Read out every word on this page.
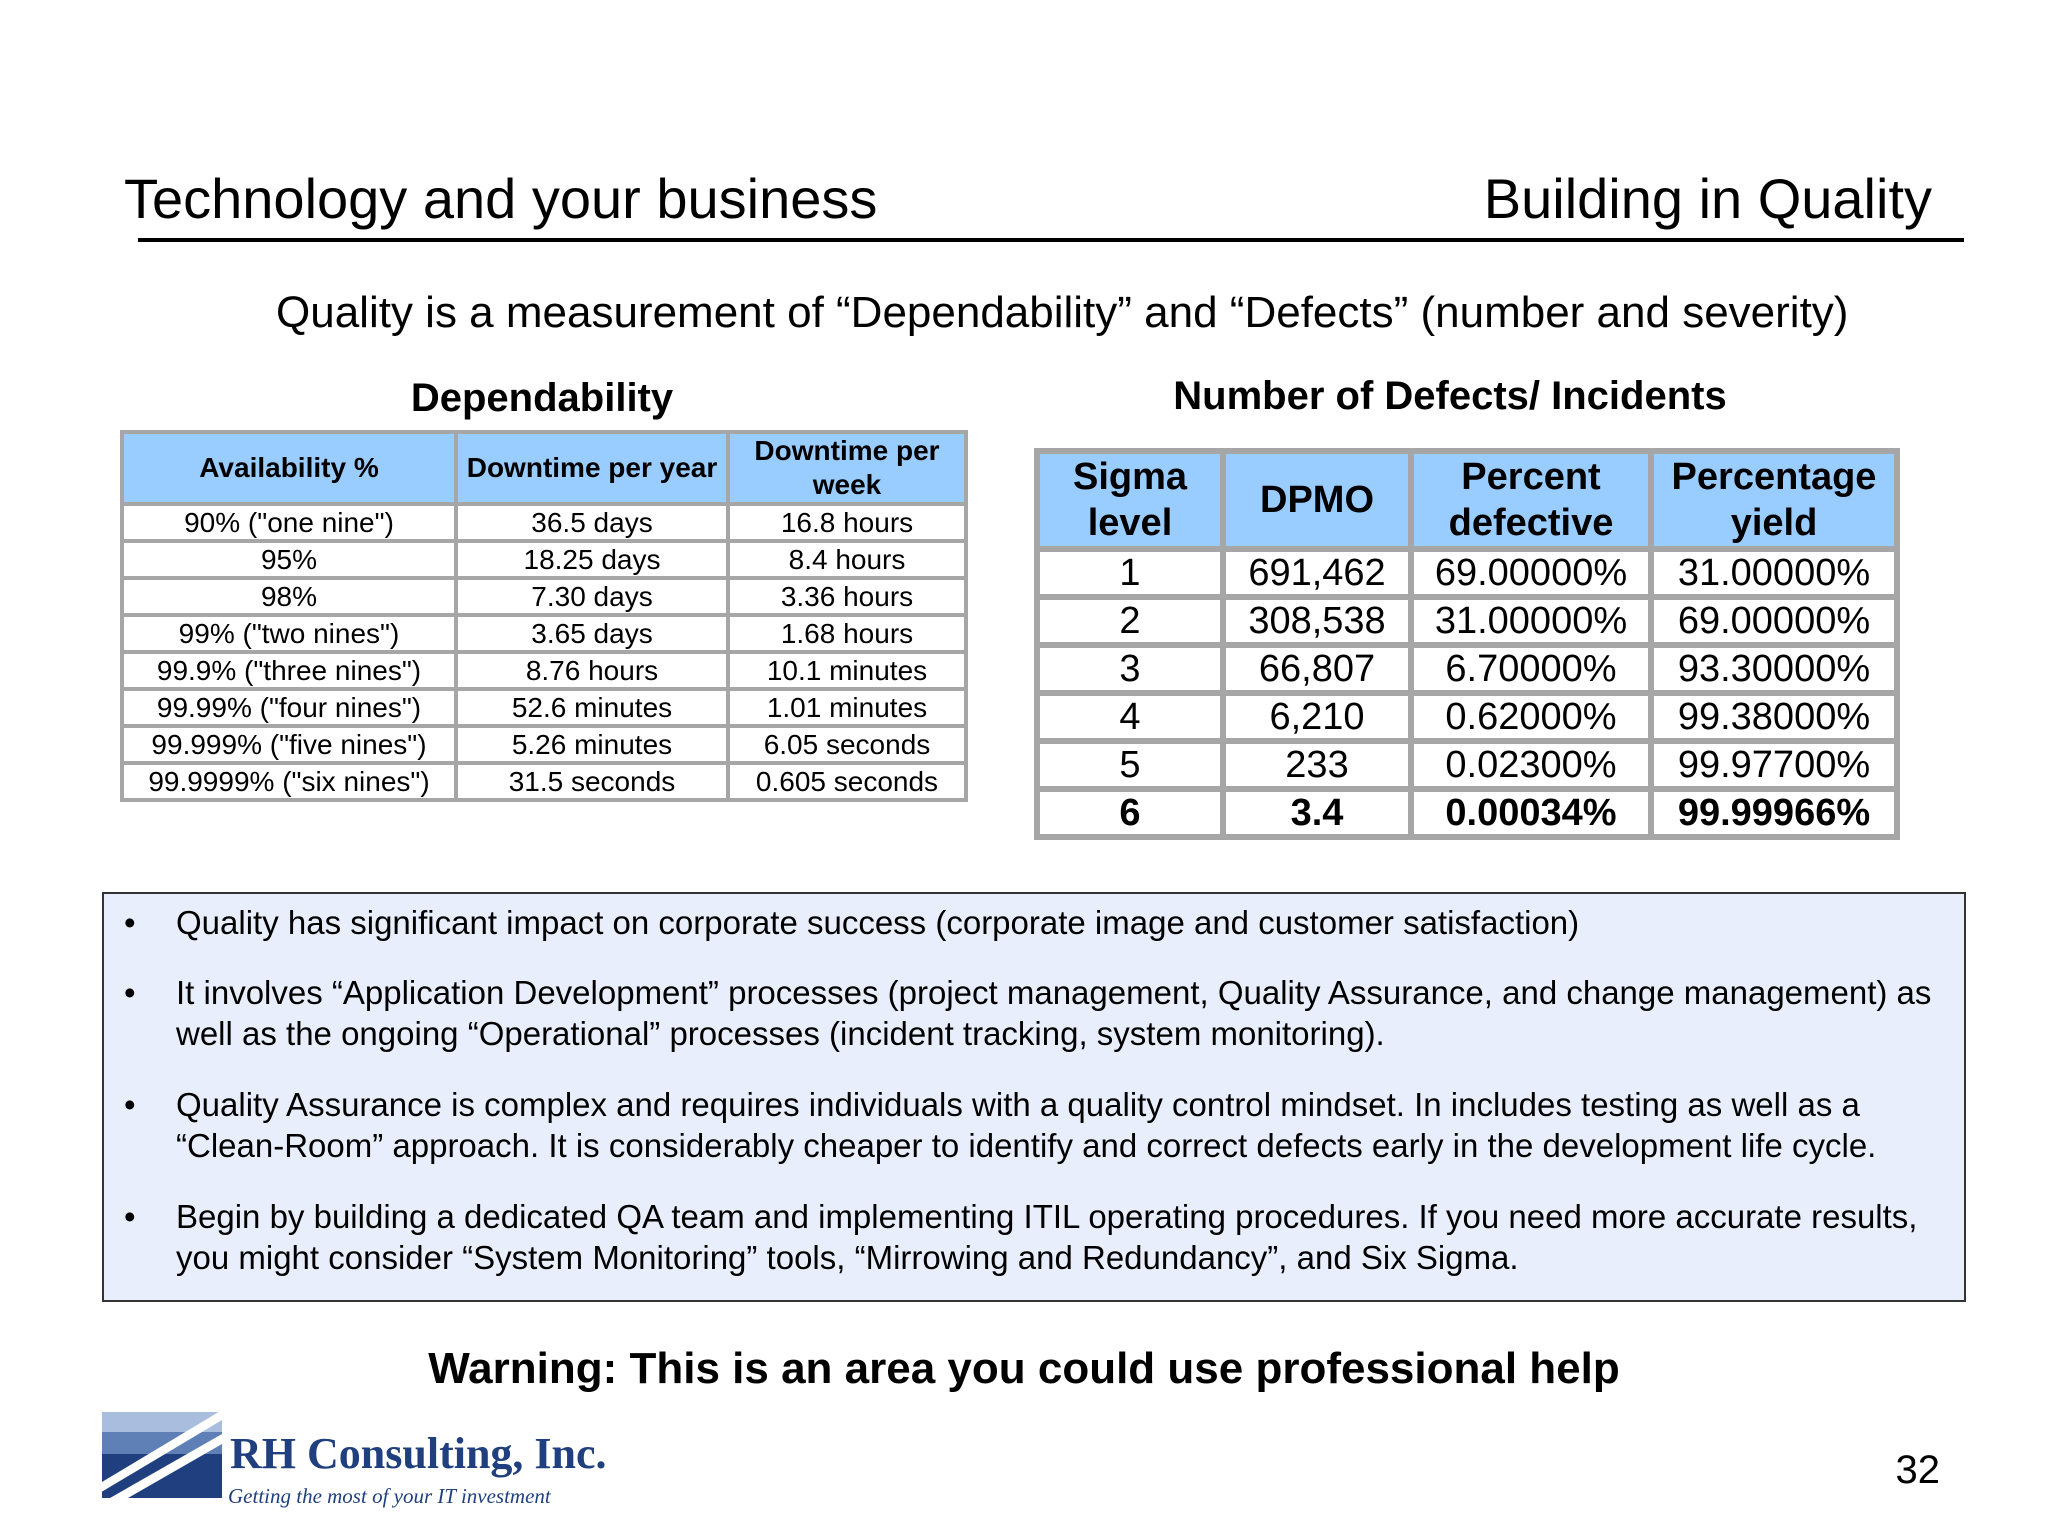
Technology and your business	Building in Quality
Quality is a measurement of “Dependability” and “Defects” (number and severity)
Dependability	Number of Defects/ Incidents
Availability %	Downtime per year	Downtime per week
90% ("one nine")	36.5 days	16.8 hours
95%	18.25 days	8.4 hours
98%	7.30 days	3.36 hours
99% ("two nines")	3.65 days	1.68 hours
99.9% ("three nines")	8.76 hours	10.1 minutes
99.99% ("four nines")	52.6 minutes	1.01 minutes
99.999% ("five nines")	5.26 minutes	6.05 seconds
99.9999% ("six nines")	31.5 seconds	0.605 seconds
Sigma level	DPMO	Percent defective	Percentage yield
1	691,462	69.00000%	31.00000%
2	308,538	31.00000%	69.00000%
3	66,807	6.70000%	93.30000%
4	6,210	0.62000%	99.38000%
5	233	0.02300%	99.97700%
6	3.4	0.00034%	99.99966%
• Quality has significant impact on corporate success (corporate image and customer satisfaction)
• It involves “Application Development” processes (project management, Quality Assurance, and change management) as well as the ongoing “Operational” processes (incident tracking, system monitoring).
• Quality Assurance is complex and requires individuals with a quality control mindset. In includes testing as well as a “Clean-Room” approach. It is considerably cheaper to identify and correct defects early in the development life cycle.
• Begin by building a dedicated QA team and implementing ITIL operating procedures. If you need more accurate results, you might consider “System Monitoring” tools, “Mirrowing and Redundancy”, and Six Sigma.
Warning: This is an area you could use professional help
RH Consulting, Inc.
Getting the most of your IT investment
32
